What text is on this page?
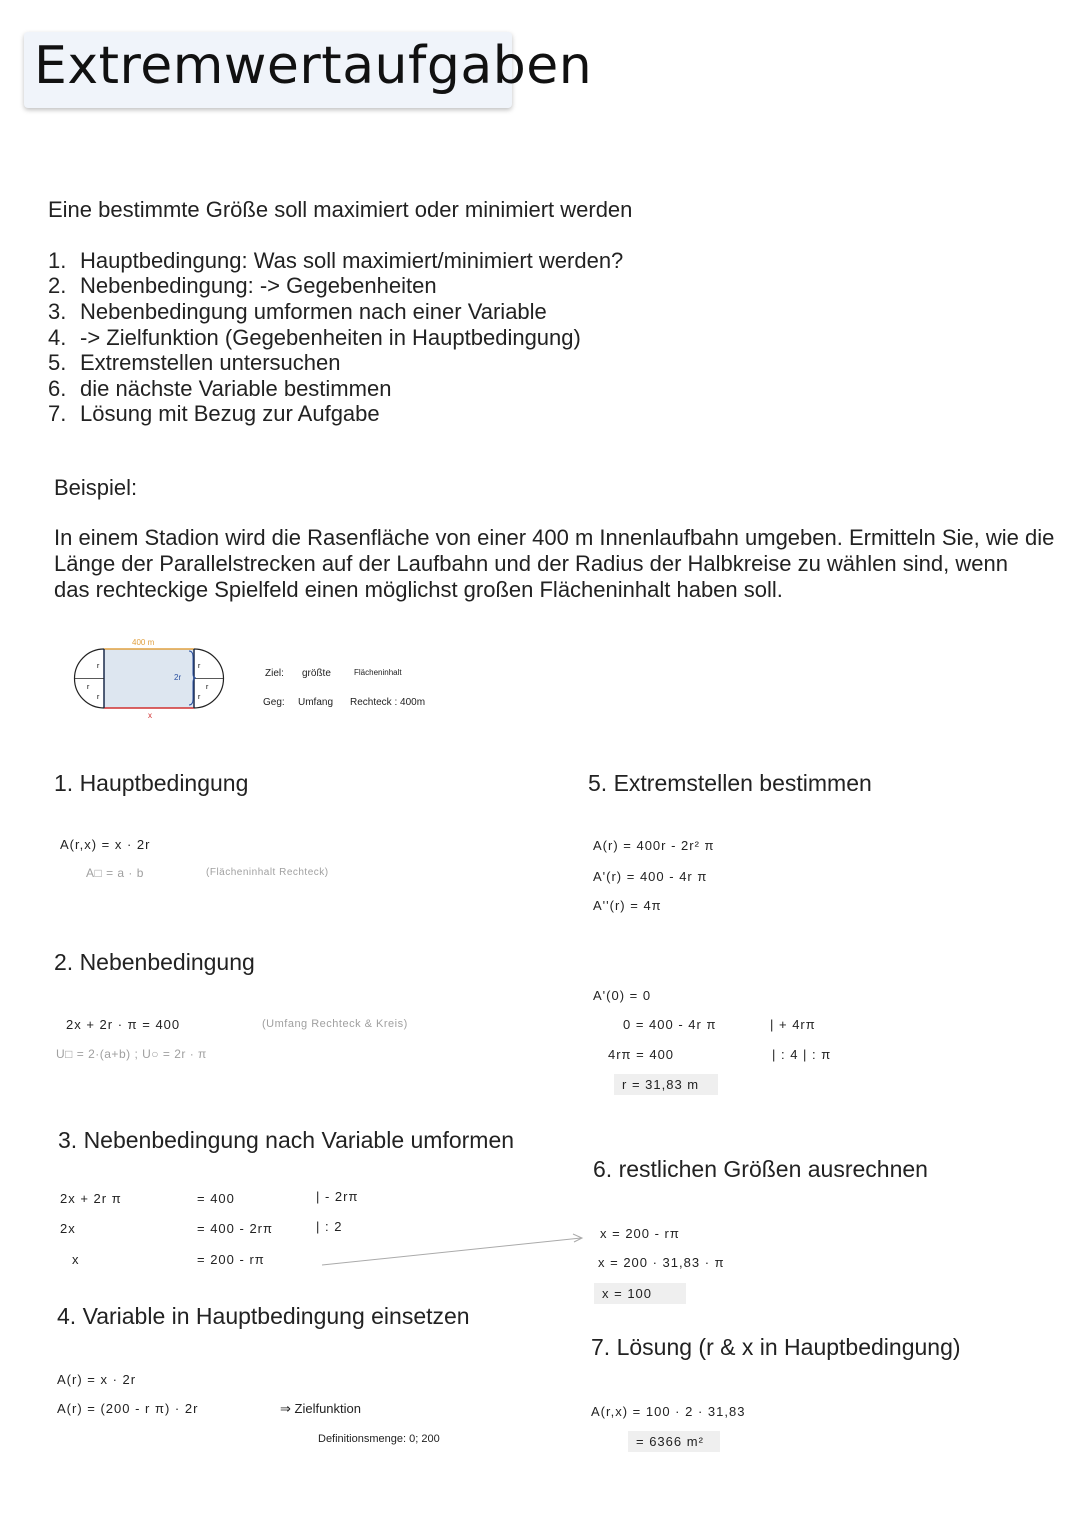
Extremwertaufgaben
Eine bestimmte Größe soll maximiert oder minimiert werden
1. Hauptbedingung: Was soll maximiert/minimiert werden?
2. Nebenbedingung: -> Gegebenheiten
3. Nebenbedingung umformen nach einer Variable
4. -> Zielfunktion (Gegebenheiten in Hauptbedingung)
5. Extremstellen untersuchen
6. die nächste Variable bestimmen
7. Lösung mit Bezug zur Aufgabe
Beispiel:
In einem Stadion wird die Rasenfläche von einer 400 m Innenlaufbahn umgeben. Ermitteln Sie, wie die
Länge der Parallelstrecken auf der Laufbahn und der Radius der Halbkreise zu wählen sind, wenn
das rechteckige Spielfeld einen möglichst großen Flächeninhalt haben soll.
400 m
2r
x
r
r
r
r
r
r
Ziel: größte	Flächeninhalt
Geg: Umfang Rechteck : 400m
1. Hauptbedingung
A(r,x) = x · 2r
A□ = a · b	(Flächeninhalt Rechteck)
2. Nebenbedingung
2x + 2r · π = 400	(Umfang Rechteck & Kreis)
U□ = 2·(a+b) ; U○ = 2r · π
3. Nebenbedingung nach Variable umformen
2x + 2r π	= 400	| - 2rπ
2x	= 400 - 2rπ	| : 2
x	= 200 - rπ
4. Variable in Hauptbedingung einsetzen
A(r) = x · 2r
A(r) = (200 - r π) · 2r	⇒ Zielfunktion
Definitionsmenge: 0; 200
5. Extremstellen bestimmen
A(r) = 400r - 2r² π
A'(r) = 400 - 4r π
A''(r) = 4π
A'(0) = 0
0 = 400 - 4r π	| + 4rπ
4rπ = 400	| : 4 | : π
r = 31,83 m
6. restlichen Größen ausrechnen
x = 200 - rπ
x = 200 · 31,83 · π
x = 100
7. Lösung (r & x in Hauptbedingung)
A(r,x) = 100 · 2 · 31,83
= 6366 m²
